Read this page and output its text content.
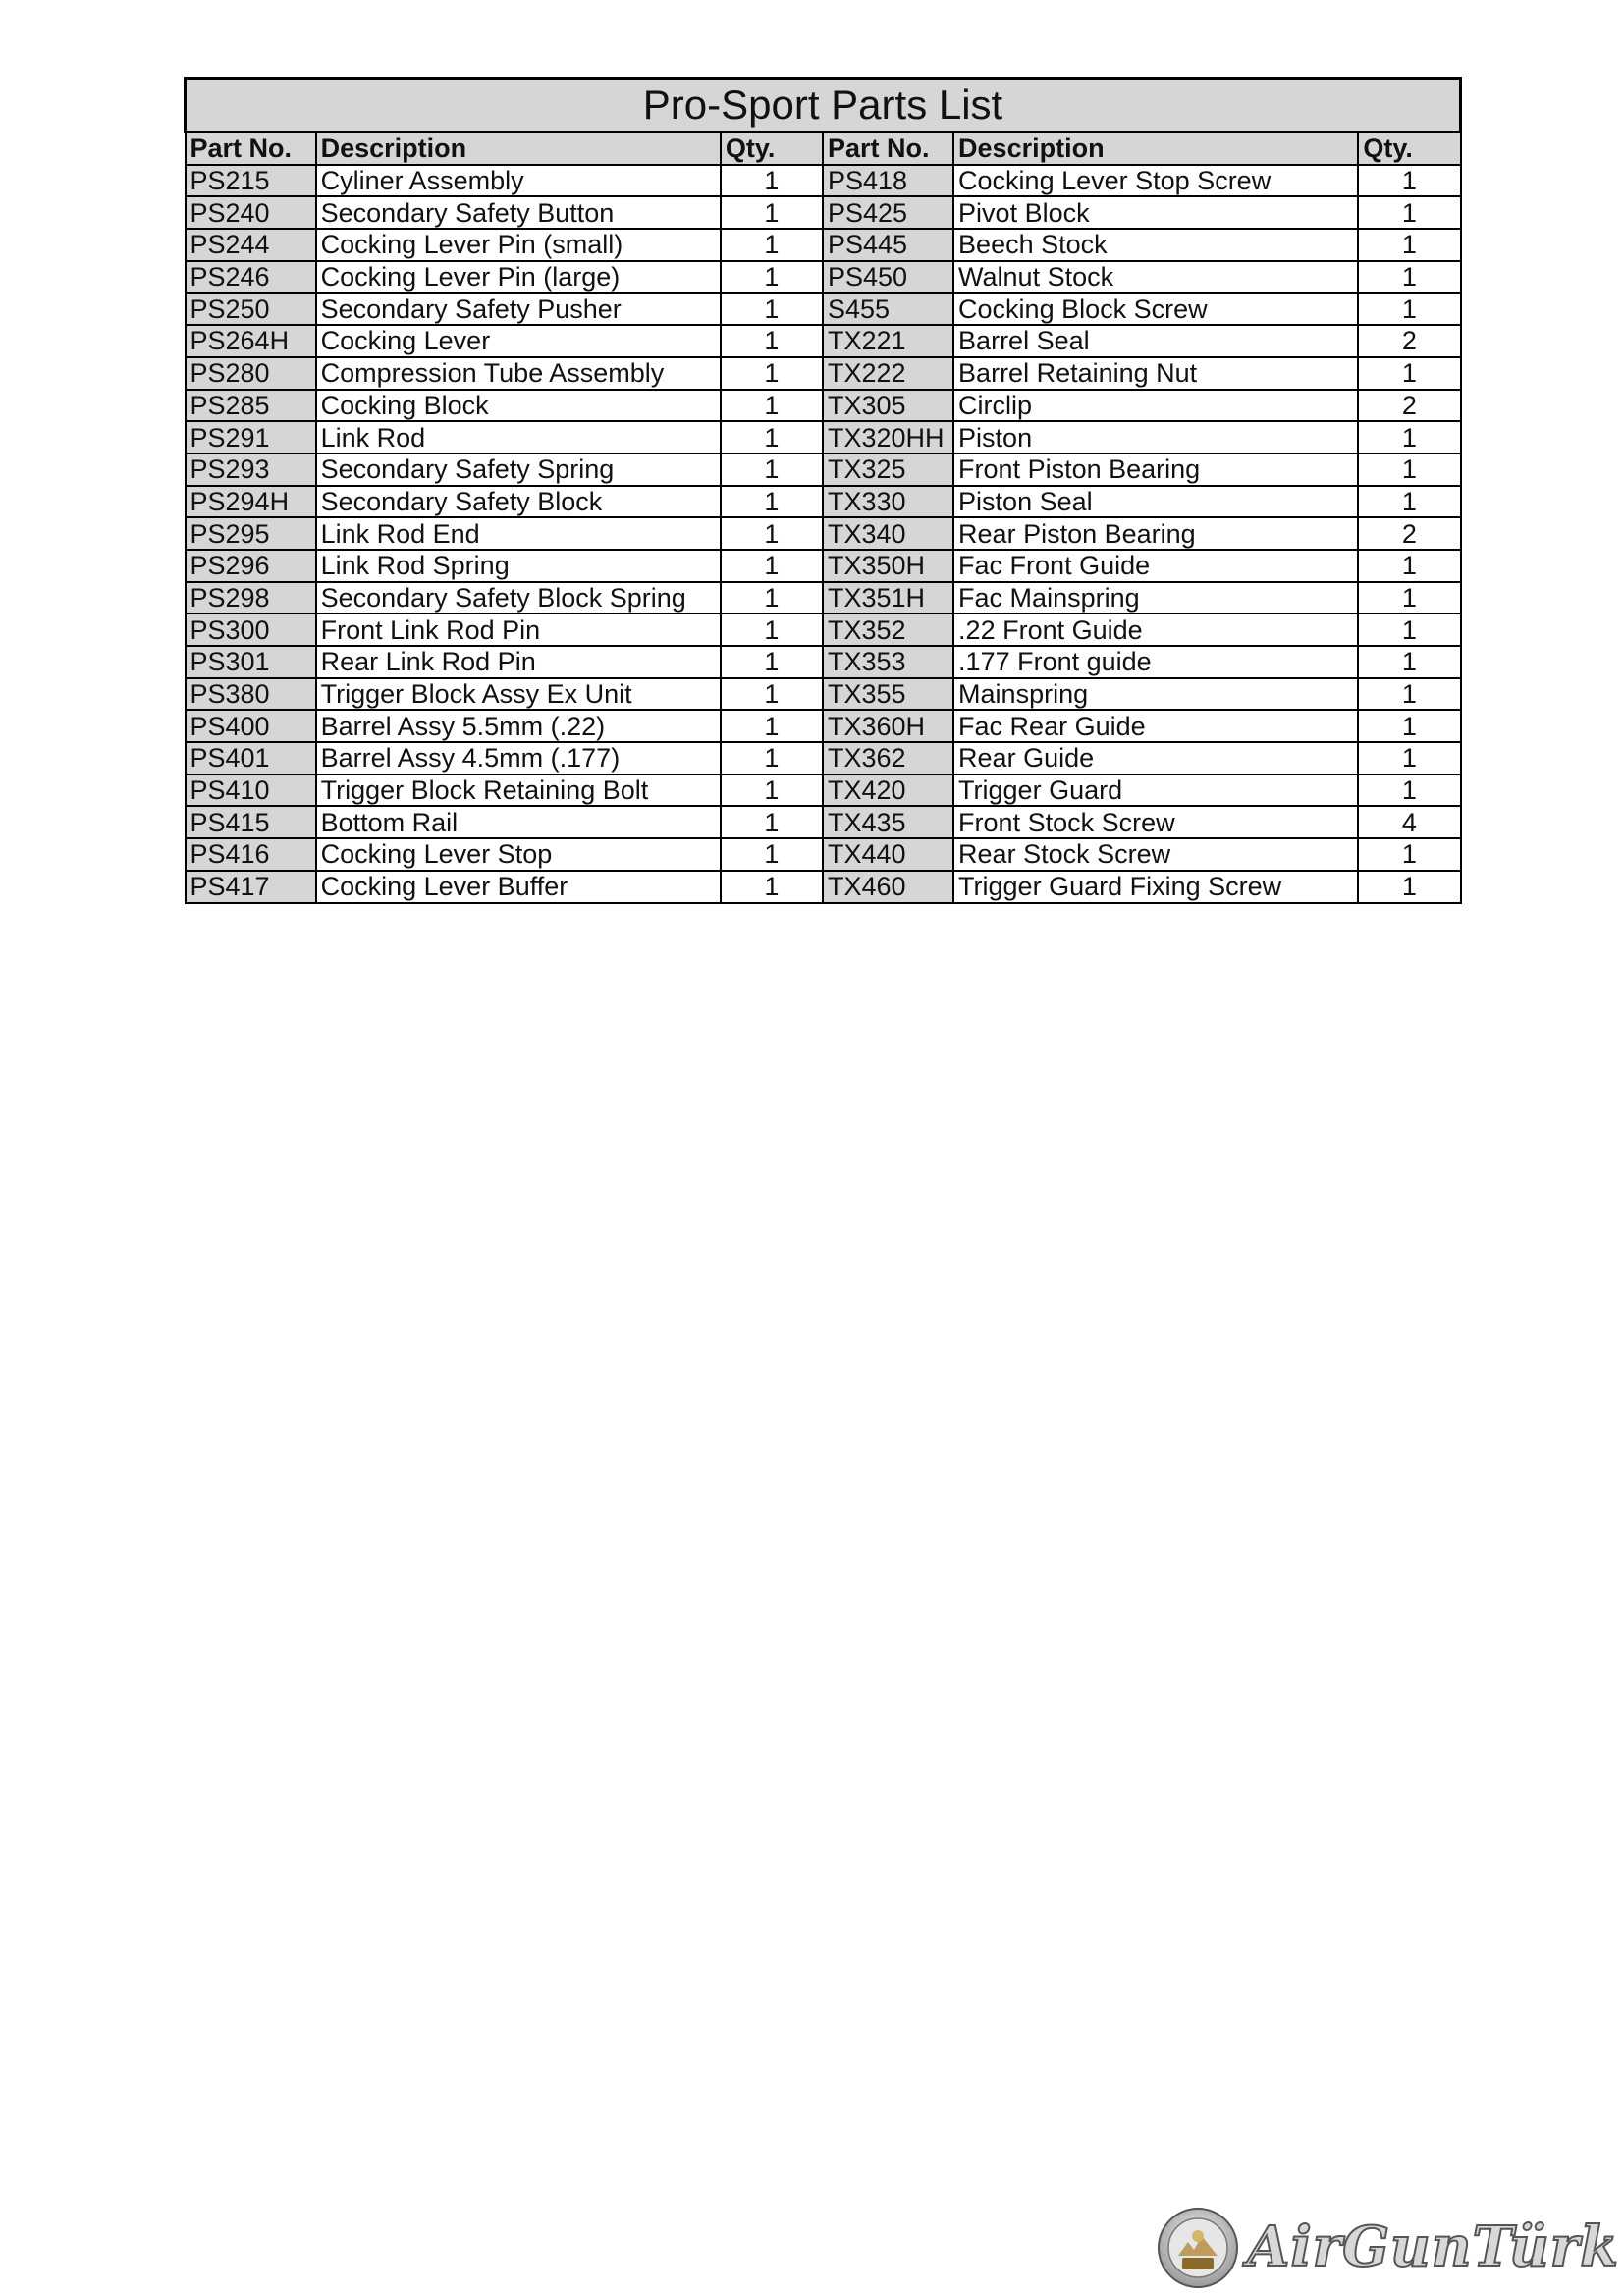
Pro-Sport Parts List					
Part No.	Description	Qty.	Part No.	Description	Qty.
PS215	Cyliner Assembly	1	PS418	Cocking Lever Stop Screw	1
PS240	Secondary Safety Button	1	PS425	Pivot Block	1
PS244	Cocking Lever Pin (small)	1	PS445	Beech Stock	1
PS246	Cocking Lever Pin (large)	1	PS450	Walnut Stock	1
PS250	Secondary Safety Pusher	1	S455	Cocking Block Screw	1
PS264H	Cocking Lever	1	TX221	Barrel Seal	2
PS280	Compression Tube Assembly	1	TX222	Barrel Retaining Nut	1
PS285	Cocking Block	1	TX305	Circlip	2
PS291	Link Rod	1	TX320HH	Piston	1
PS293	Secondary Safety Spring	1	TX325	Front Piston Bearing	1
PS294H	Secondary Safety Block	1	TX330	Piston Seal	1
PS295	Link Rod End	1	TX340	Rear Piston Bearing	2
PS296	Link Rod Spring	1	TX350H	Fac Front Guide	1
PS298	Secondary Safety Block Spring	1	TX351H	Fac Mainspring	1
PS300	Front Link Rod Pin	1	TX352	.22 Front Guide	1
PS301	Rear Link Rod Pin	1	TX353	.177 Front guide	1
PS380	Trigger Block Assy Ex Unit	1	TX355	Mainspring	1
PS400	Barrel Assy 5.5mm (.22)	1	TX360H	Fac Rear Guide	1
PS401	Barrel Assy 4.5mm (.177)	1	TX362	Rear Guide	1
PS410	Trigger Block Retaining Bolt	1	TX420	Trigger Guard	1
PS415	Bottom Rail	1	TX435	Front Stock Screw	4
PS416	Cocking Lever Stop	1	TX440	Rear Stock Screw	1
PS417	Cocking Lever Buffer	1	TX460	Trigger Guard Fixing Screw	1
AirGunTürk
